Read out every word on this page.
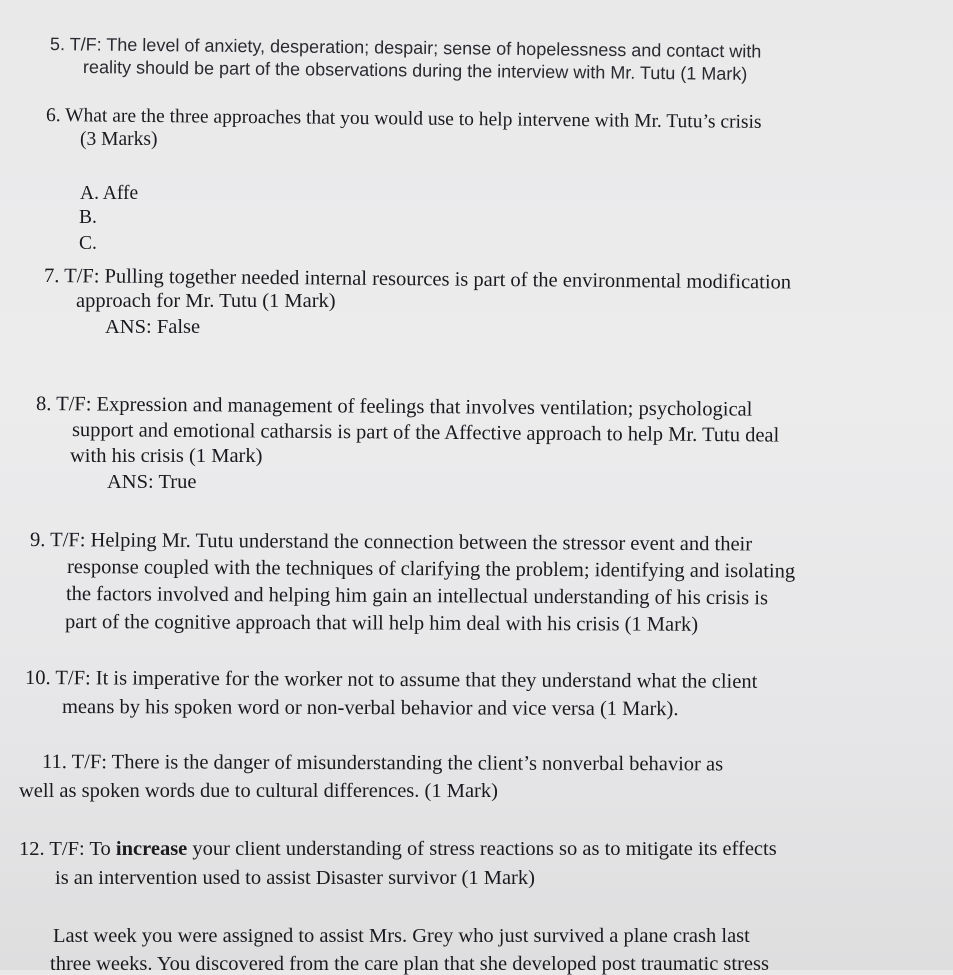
5. T/F: The level of anxiety, desperation; despair; sense of hopelessness and contact with
reality should be part of the observations during the interview with Mr. Tutu (1 Mark)
6. What are the three approaches that you would use to help intervene with Mr. Tutu’s crisis
(3 Marks)
A. Affe
B.
C.
7. T/F: Pulling together needed internal resources is part of the environmental modification
approach for Mr. Tutu (1 Mark)
ANS: False
8. T/F: Expression and management of feelings that involves ventilation; psychological
support and emotional catharsis is part of the Affective approach to help Mr. Tutu deal
with his crisis (1 Mark)
ANS: True
9. T/F: Helping Mr. Tutu understand the connection between the stressor event and their
response coupled with the techniques of clarifying the problem; identifying and isolating
the factors involved and helping him gain an intellectual understanding of his crisis is
part of the cognitive approach that will help him deal with his crisis (1 Mark)
10. T/F: It is imperative for the worker not to assume that they understand what the client
means by his spoken word or non-verbal behavior and vice versa (1 Mark).
11. T/F: There is the danger of misunderstanding the client’s nonverbal behavior as
well as spoken words due to cultural differences. (1 Mark)
12. T/F: To increase your client understanding of stress reactions so as to mitigate its effects
is an intervention used to assist Disaster survivor (1 Mark)
Last week you were assigned to assist Mrs. Grey who just survived a plane crash last
three weeks. You discovered from the care plan that she developed post traumatic stress
